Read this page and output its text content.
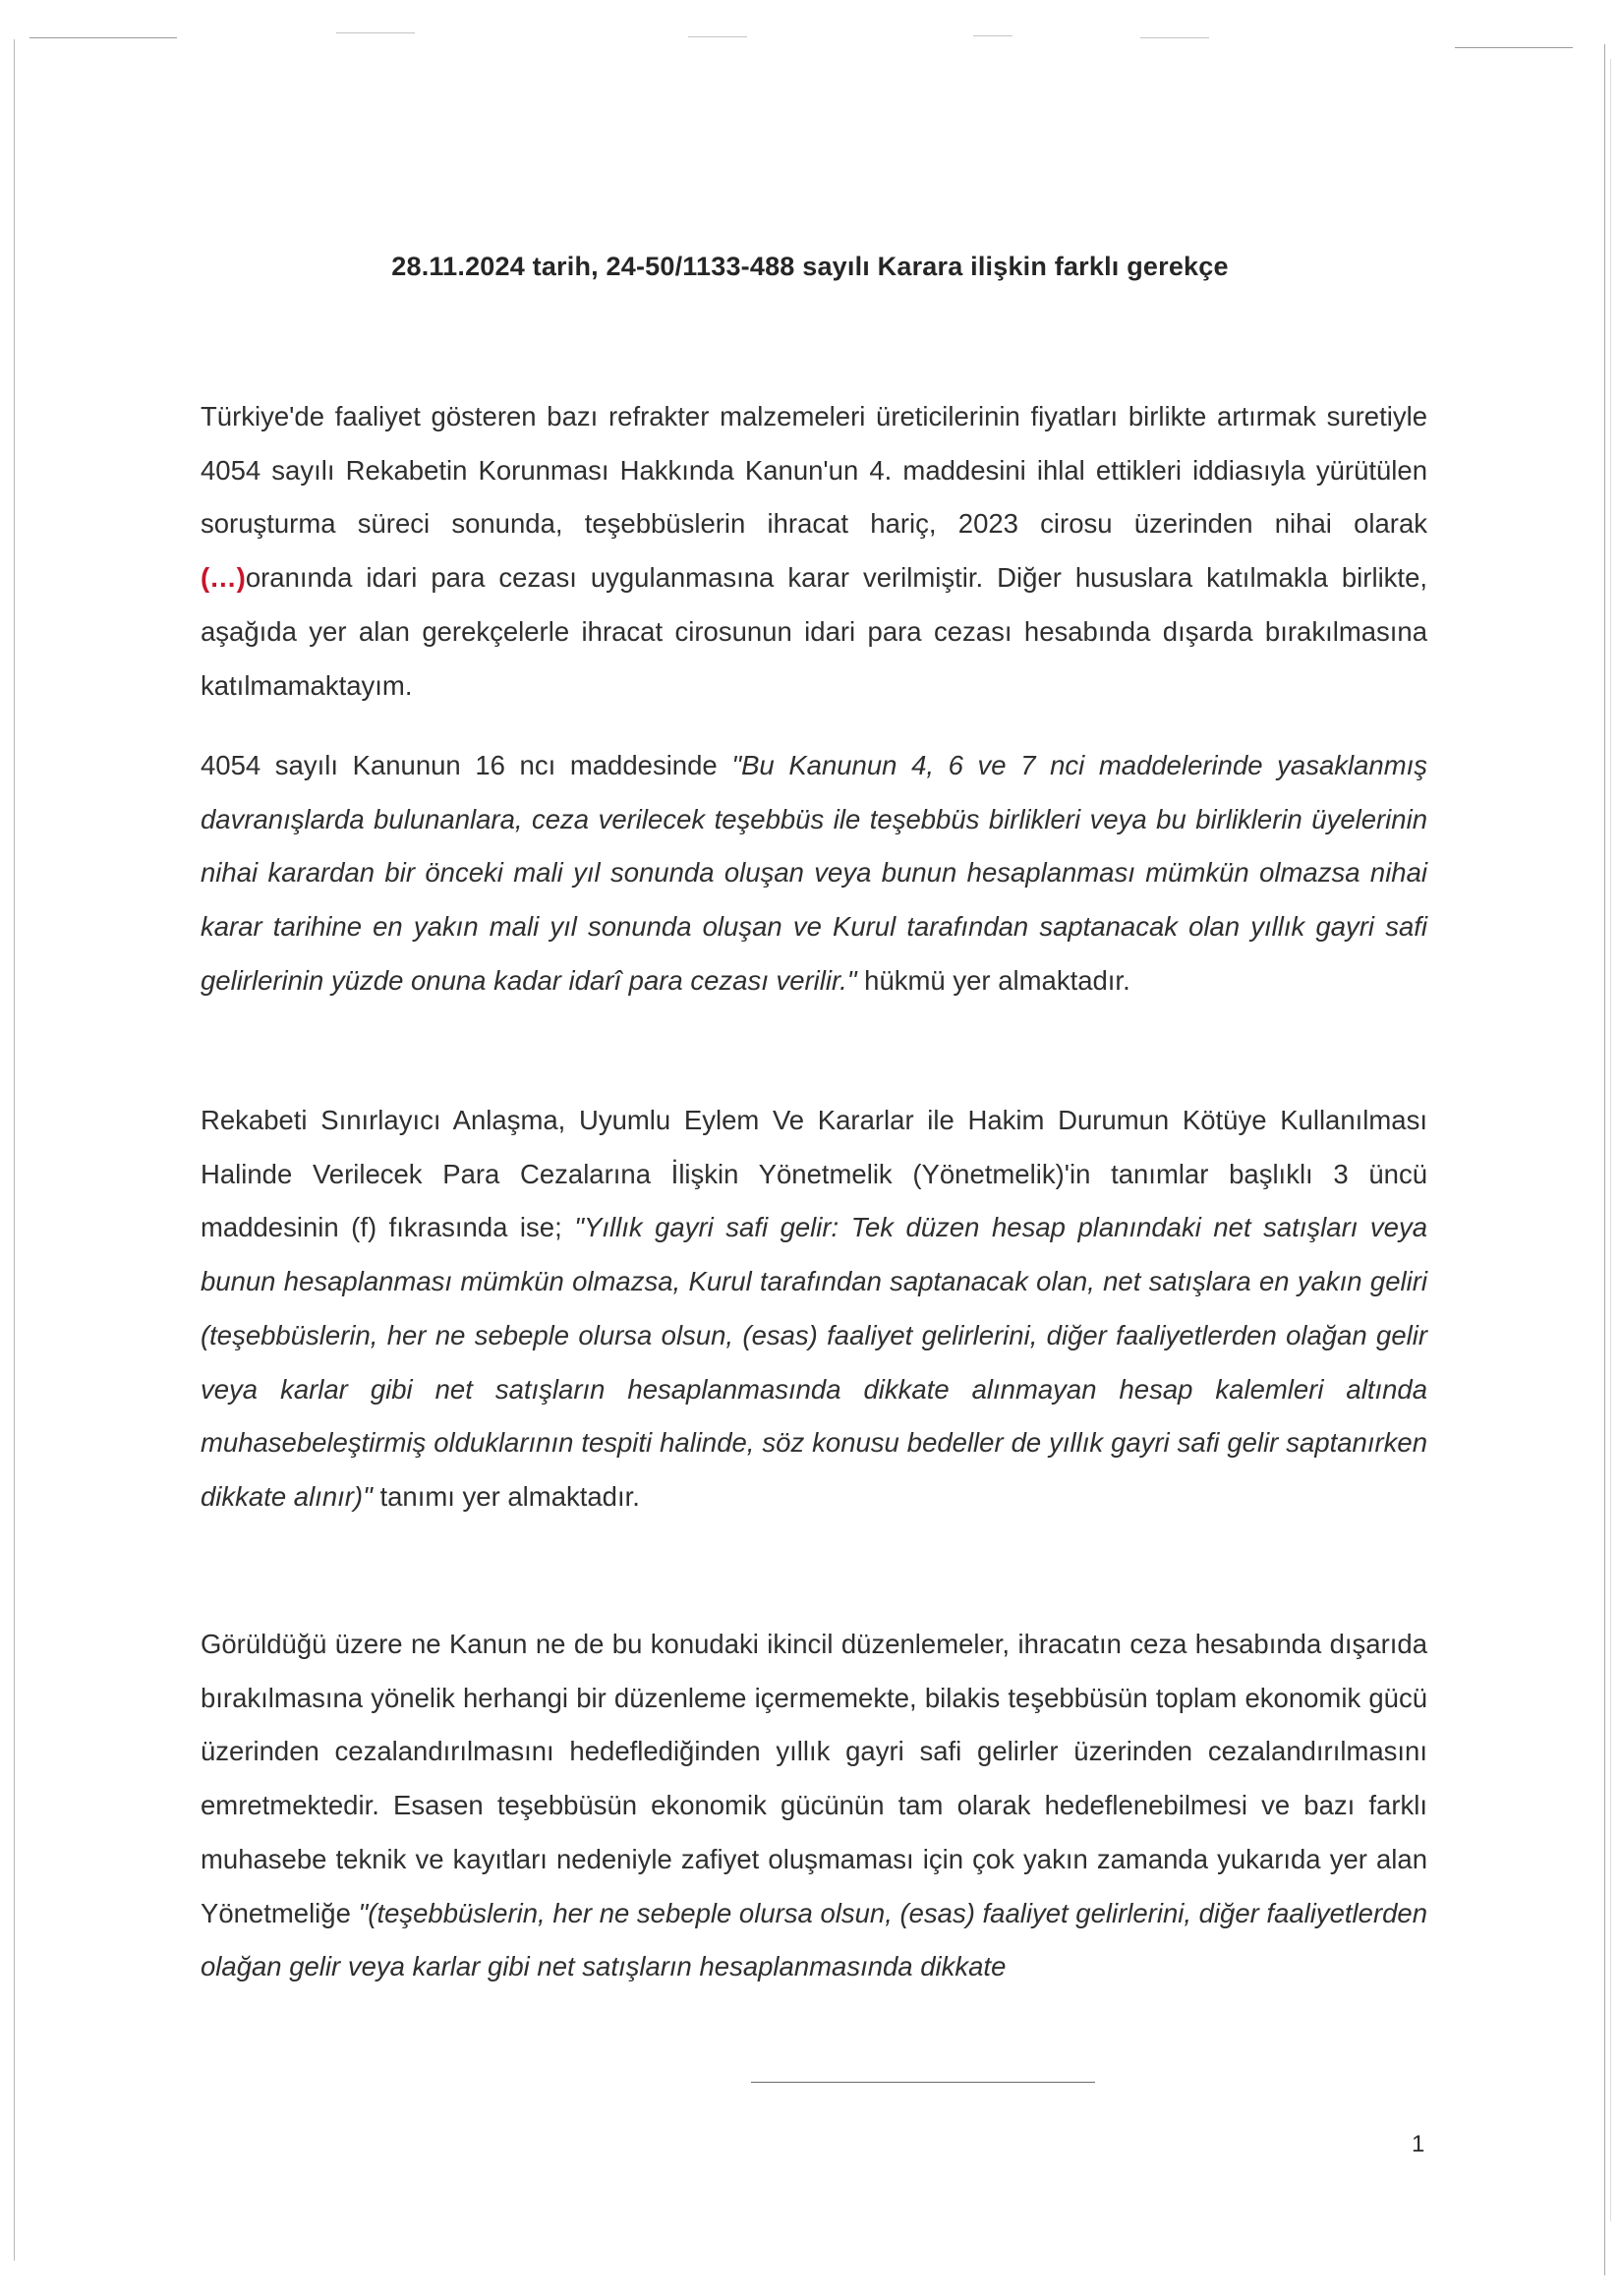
28.11.2024 tarih, 24-50/1133-488 sayılı Karara ilişkin farklı gerekçe
Türkiye'de faaliyet gösteren bazı refrakter malzemeleri üreticilerinin fiyatları birlikte artırmak suretiyle 4054 sayılı Rekabetin Korunması Hakkında Kanun'un 4. maddesini ihlal ettikleri iddiasıyla yürütülen soruşturma süreci sonunda, teşebbüslerin ihracat hariç, 2023 cirosu üzerinden nihai olarak (…)oranında idari para cezası uygulanmasına karar verilmiştir. Diğer hususlara katılmakla birlikte, aşağıda yer alan gerekçelerle ihracat cirosunun idari para cezası hesabında dışarda bırakılmasına katılmamaktayım.
4054 sayılı Kanunun 16 ncı maddesinde "Bu Kanunun 4, 6 ve 7 nci maddelerinde yasaklanmış davranışlarda bulunanlara, ceza verilecek teşebbüs ile teşebbüs birlikleri veya bu birliklerin üyelerinin nihai karardan bir önceki mali yıl sonunda oluşan veya bunun hesaplanması mümkün olmazsa nihai karar tarihine en yakın mali yıl sonunda oluşan ve Kurul tarafından saptanacak olan yıllık gayri safi gelirlerinin yüzde onuna kadar idarî para cezası verilir." hükmü yer almaktadır.
Rekabeti Sınırlayıcı Anlaşma, Uyumlu Eylem Ve Kararlar ile Hakim Durumun Kötüye Kullanılması Halinde Verilecek Para Cezalarına İlişkin Yönetmelik (Yönetmelik)'in tanımlar başlıklı 3 üncü maddesinin (f) fıkrasında ise; "Yıllık gayri safi gelir: Tek düzen hesap planındaki net satışları veya bunun hesaplanması mümkün olmazsa, Kurul tarafından saptanacak olan, net satışlara en yakın geliri (teşebbüslerin, her ne sebeple olursa olsun, (esas) faaliyet gelirlerini, diğer faaliyetlerden olağan gelir veya karlar gibi net satışların hesaplanmasında dikkate alınmayan hesap kalemleri altında muhasebeleştirmiş olduklarının tespiti halinde, söz konusu bedeller de yıllık gayri safi gelir saptanırken dikkate alınır)" tanımı yer almaktadır.
Görüldüğü üzere ne Kanun ne de bu konudaki ikincil düzenlemeler, ihracatın ceza hesabında dışarıda bırakılmasına yönelik herhangi bir düzenleme içermemekte, bilakis teşebbüsün toplam ekonomik gücü üzerinden cezalandırılmasını hedeflediğinden yıllık gayri safi gelirler üzerinden cezalandırılmasını emretmektedir. Esasen teşebbüsün ekonomik gücünün tam olarak hedeflenebilmesi ve bazı farklı muhasebe teknik ve kayıtları nedeniyle zafiyet oluşmaması için çok yakın zamanda yukarıda yer alan Yönetmeliğe "(teşebbüslerin, her ne sebeple olursa olsun, (esas) faaliyet gelirlerini, diğer faaliyetlerden olağan gelir veya karlar gibi net satışların hesaplanmasında dikkate
1
